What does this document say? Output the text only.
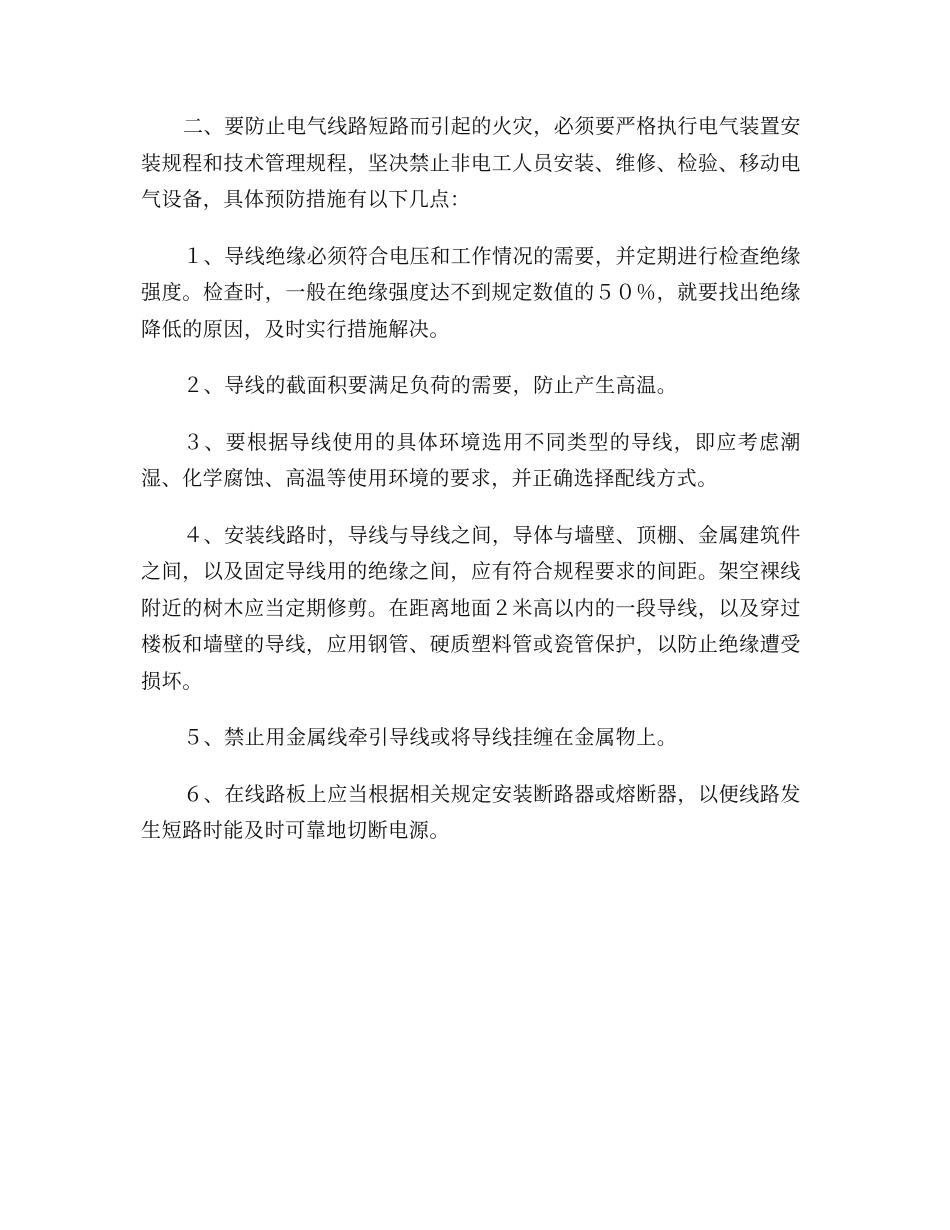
二、要防止电气线路短路而引起的火灾，必须要严格执行电气装置安装规程和技术管理规程，坚决禁止非电工人员安装、维修、检验、移动电气设备，具体预防措施有以下几点：

１、导线绝缘必须符合电压和工作情况的需要，并定期进行检查绝缘强度。检查时，一般在绝缘强度达不到规定数值的５０％，就要找出绝缘降低的原因，及时实行措施解决。

２、导线的截面积要满足负荷的需要，防止产生高温。

３、要根据导线使用的具体环境选用不同类型的导线，即应考虑潮湿、化学腐蚀、高温等使用环境的要求，并正确选择配线方式。

４、安装线路时，导线与导线之间，导体与墙壁、顶棚、金属建筑件之间，以及固定导线用的绝缘之间，应有符合规程要求的间距。架空裸线附近的树木应当定期修剪。在距离地面２米高以内的一段导线，以及穿过楼板和墙壁的导线，应用钢管、硬质塑料管或瓷管保护，以防止绝缘遭受损坏。

５、禁止用金属线牵引导线或将导线挂缠在金属物上。

６、在线路板上应当根据相关规定安装断路器或熔断器，以便线路发生短路时能及时可靠地切断电源。
